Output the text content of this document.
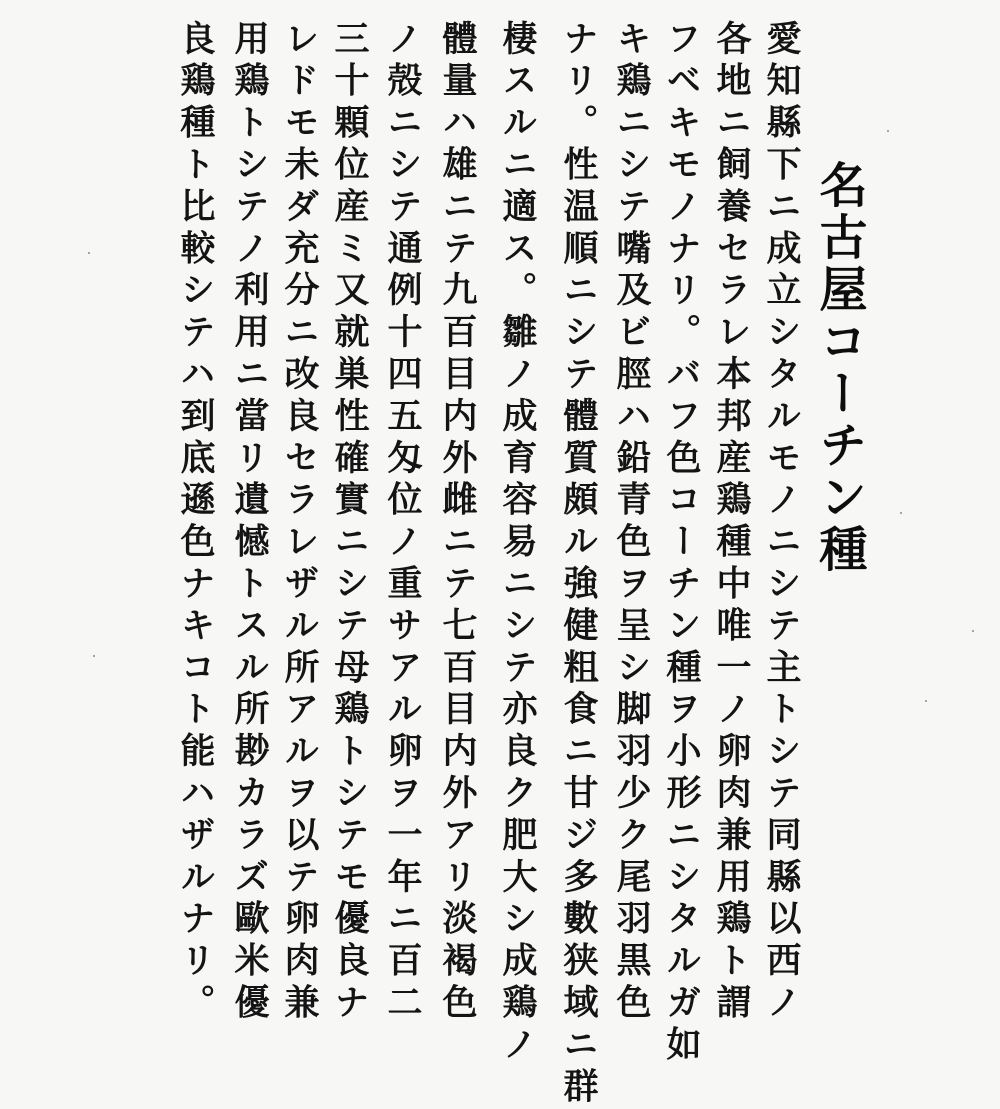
名古屋コーチン種
愛知縣下ニ成立シタルモノニシテ主トシテ同縣以西ノ
各地ニ飼養セラレ本邦産鶏種中唯一ノ卵肉兼用鶏ト謂
フベキモノナリ。バフ色コーチン種ヲ小形ニシタルガ如
キ鶏ニシテ嘴及ビ脛ハ鉛青色ヲ呈シ脚羽少ク尾羽黒色
ナリ。性温順ニシテ體質頗ル強健粗食ニ甘ジ多數狭域ニ群
棲スルニ適ス。雛ノ成育容易ニシテ亦良ク肥大シ成鶏ノ
體量ハ雄ニテ九百目内外雌ニテ七百目内外アリ淡褐色
ノ殻ニシテ通例十四五匁位ノ重サアル卵ヲ一年ニ百二
三十顆位産ミ又就巣性確實ニシテ母鶏トシテモ優良ナ
レドモ未ダ充分ニ改良セラレザル所アルヲ以テ卵肉兼
用鶏トシテノ利用ニ當リ遺憾トスル所尠カラズ歐米優
良鶏種ト比較シテハ到底遜色ナキコト能ハザルナリ。
